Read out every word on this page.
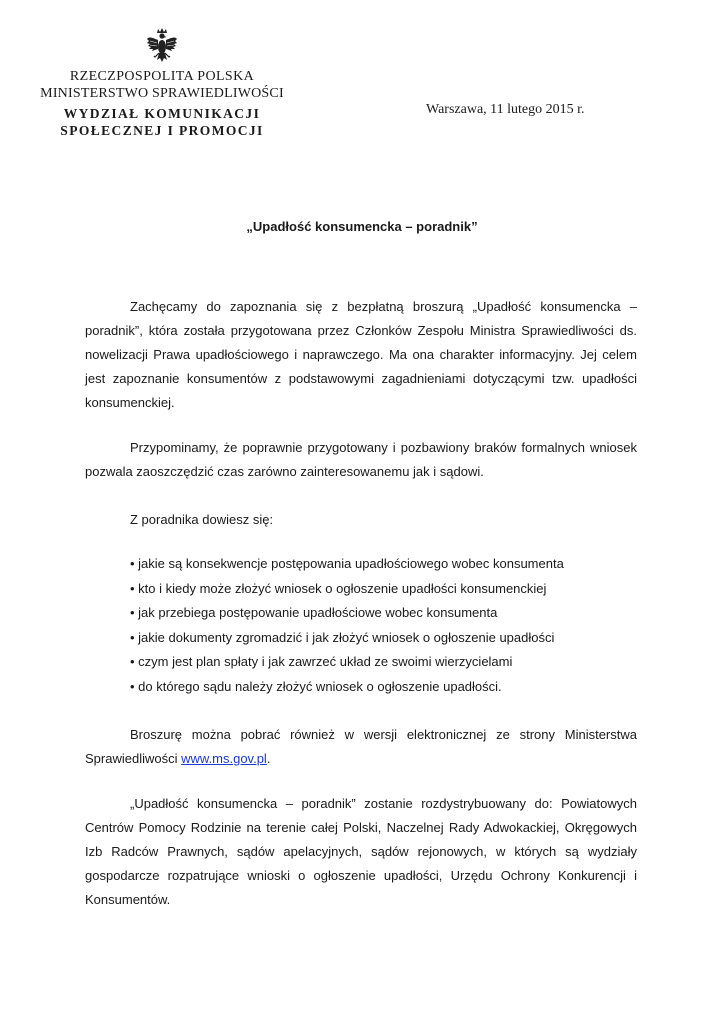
RZECZPOSPOLITA POLSKA
MINISTERSTWO SPRAWIEDLIWOŚCI
WYDZIAŁ KOMUNIKACJI
SPOŁECZNEJ I PROMOCJI
Warszawa, 11 lutego 2015 r.
„Upadłość konsumencka – poradnik”

Zachęcamy do zapoznania się z bezpłatną broszurą „Upadłość konsumencka – poradnik”, która została przygotowana przez Członków Zespołu Ministra Sprawiedliwości ds. nowelizacji Prawa upadłościowego i naprawczego. Ma ona charakter informacyjny. Jej celem jest zapoznanie konsumentów z podstawowymi zagadnieniami dotyczącymi tzw. upadłości konsumenckiej.

Przypominamy, że poprawnie przygotowany i pozbawiony braków formalnych wniosek pozwala zaoszczędzić czas zarówno zainteresowanemu jak i sądowi.

Z poradnika dowiesz się:

• jakie są konsekwencje postępowania upadłościowego wobec konsumenta
• kto i kiedy może złożyć wniosek o ogłoszenie upadłości konsumenckiej
• jak przebiega postępowanie upadłościowe wobec konsumenta
• jakie dokumenty zgromadzić i jak złożyć wniosek o ogłoszenie upadłości
• czym jest plan spłaty i jak zawrzeć układ ze swoimi wierzycielami
• do którego sądu należy złożyć wniosek o ogłoszenie upadłości.

Broszurę można pobrać również w wersji elektronicznej ze strony Ministerstwa Sprawiedliwości www.ms.gov.pl.

„Upadłość konsumencka – poradnik” zostanie rozdystrybuowany do: Powiatowych Centrów Pomocy Rodzinie na terenie całej Polski, Naczelnej Rady Adwokackiej, Okręgowych Izb Radców Prawnych, sądów apelacyjnych, sądów rejonowych, w których są wydziały gospodarcze rozpatrujące wnioski o ogłoszenie upadłości, Urzędu Ochrony Konkurencji i Konsumentów.
